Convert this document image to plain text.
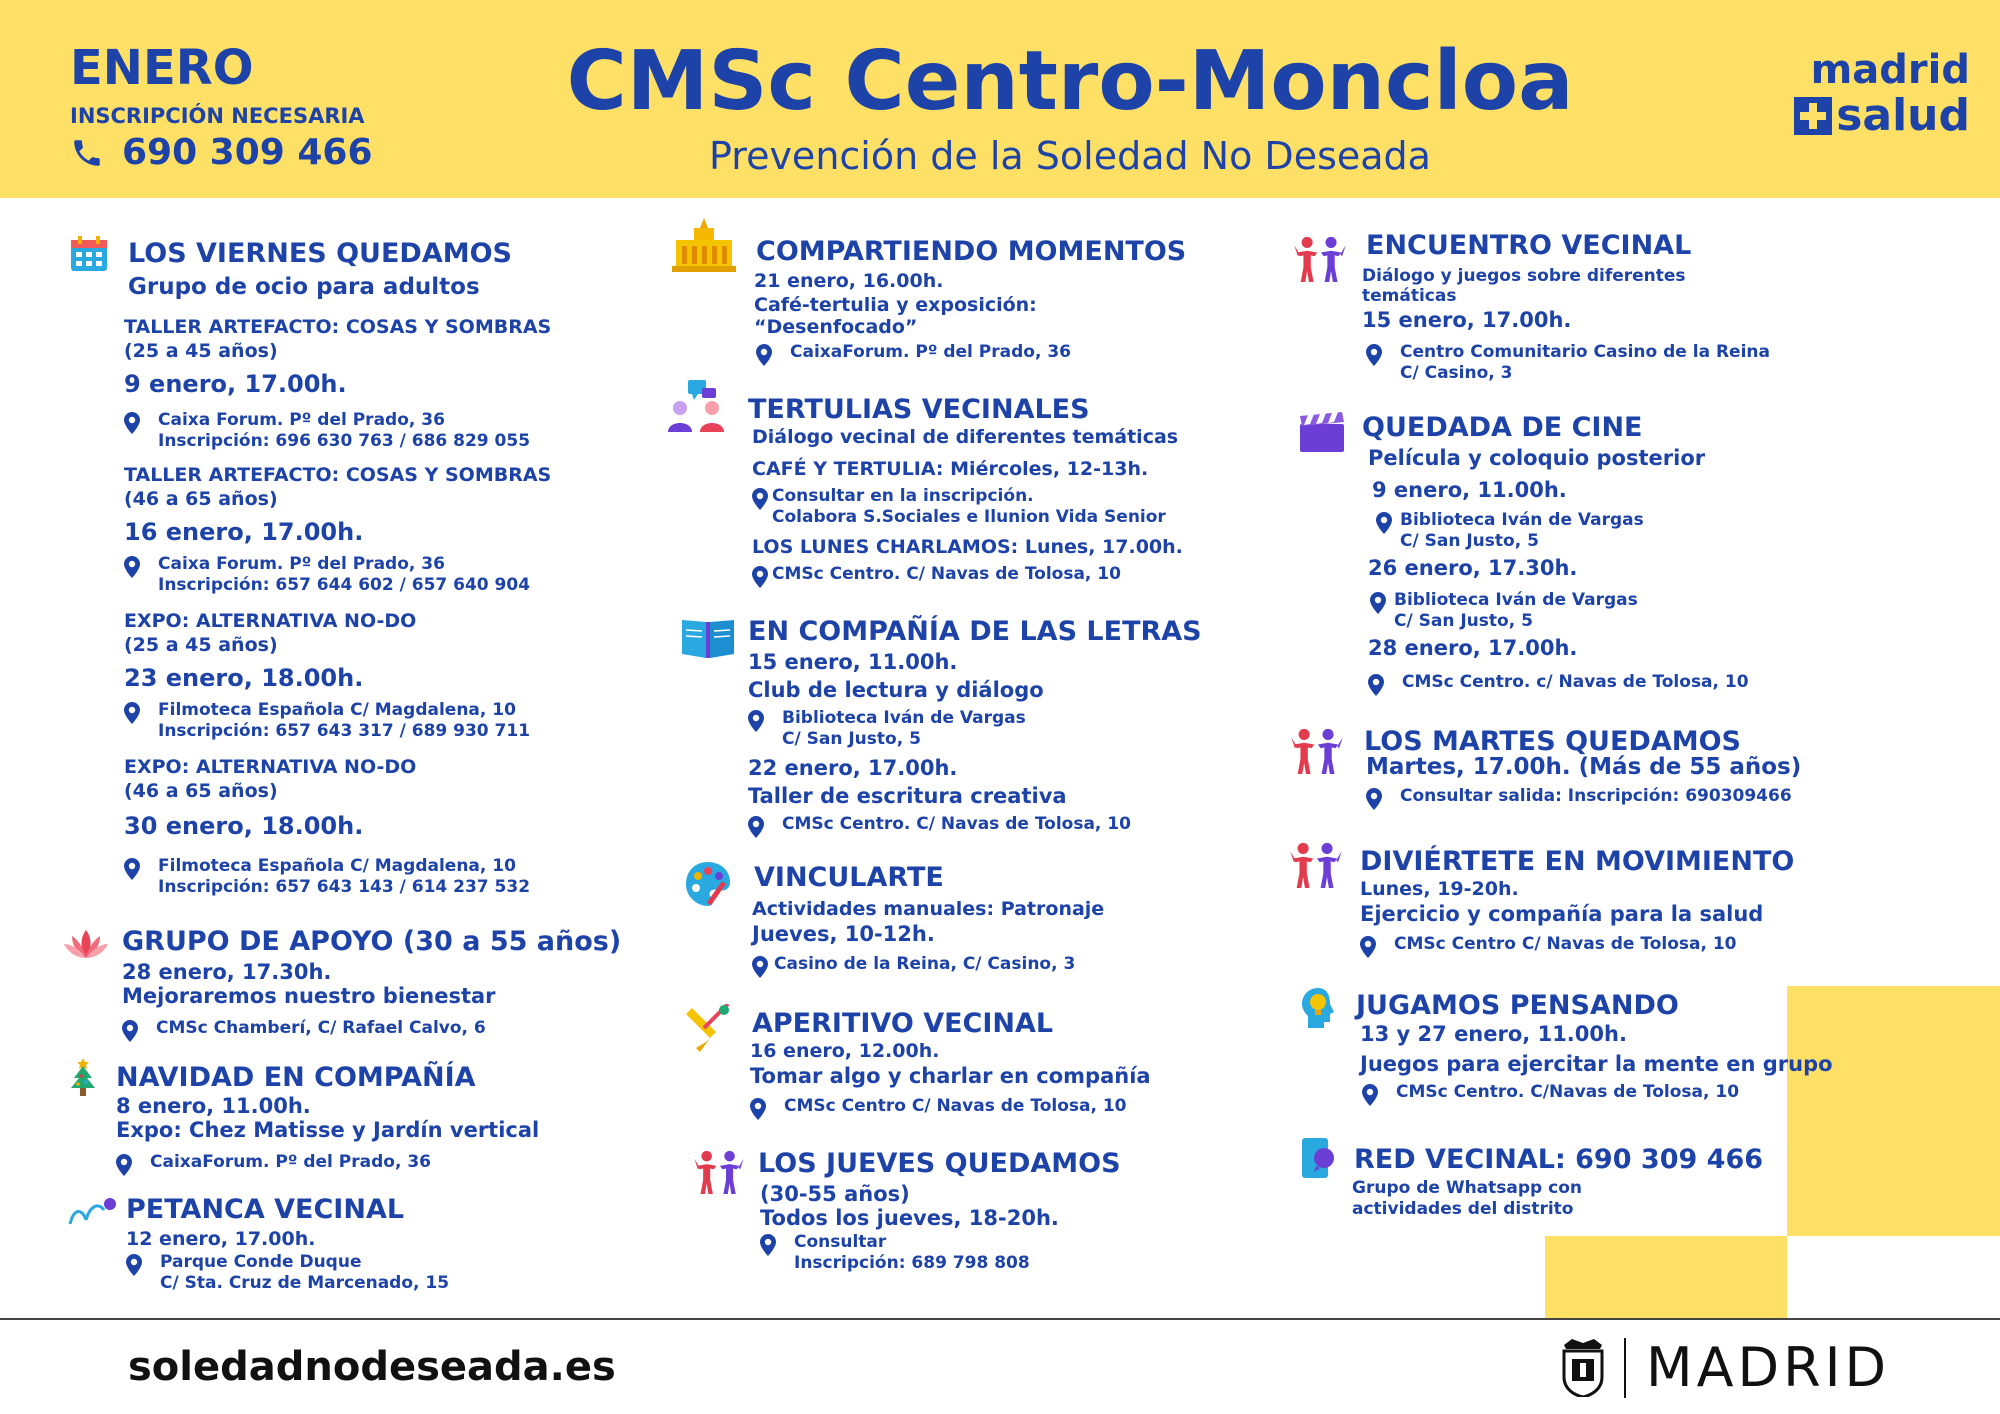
ENERO
INSCRIPCIÓN NECESARIA
690 309 466
CMSc Centro-Moncloa
Prevención de la Soledad No Deseada
madrid
salud
LOS VIERNES QUEDAMOS
Grupo de ocio para adultos
TALLER ARTEFACTO: COSAS Y SOMBRAS
(25 a 45 años)
9 enero, 17.00h.
Caixa Forum. Pº del Prado, 36
Inscripción: 696 630 763 / 686 829 055
TALLER ARTEFACTO: COSAS Y SOMBRAS
(46 a 65 años)
16 enero, 17.00h.
Caixa Forum. Pº del Prado, 36
Inscripción: 657 644 602 / 657 640 904
EXPO: ALTERNATIVA NO-DO
(25 a 45 años)
23 enero, 18.00h.
Filmoteca Española C/ Magdalena, 10
Inscripción: 657 643 317 / 689 930 711
EXPO: ALTERNATIVA NO-DO
(46 a 65 años)
30 enero, 18.00h.
Filmoteca Española C/ Magdalena, 10
Inscripción: 657 643 143 / 614 237 532
GRUPO DE APOYO (30 a 55 años)
28 enero, 17.30h.
Mejoraremos nuestro bienestar
CMSc Chamberí, C/ Rafael Calvo, 6
NAVIDAD EN COMPAÑÍA
8 enero, 11.00h.
Expo: Chez Matisse y Jardín vertical
CaixaForum. Pº del Prado, 36
PETANCA VECINAL
12 enero, 17.00h.
Parque Conde Duque
C/ Sta. Cruz de Marcenado, 15
COMPARTIENDO MOMENTOS
21 enero, 16.00h.
Café-tertulia y exposición:
“Desenfocado”
CaixaForum. Pº del Prado, 36
TERTULIAS VECINALES
Diálogo vecinal de diferentes temáticas
CAFÉ Y TERTULIA: Miércoles, 12-13h.
Consultar en la inscripción.
Colabora S.Sociales e Ilunion Vida Senior
LOS LUNES CHARLAMOS: Lunes, 17.00h.
CMSc Centro. C/ Navas de Tolosa, 10
EN COMPAÑÍA DE LAS LETRAS
15 enero, 11.00h.
Club de lectura y diálogo
Biblioteca Iván de Vargas
C/ San Justo, 5
22 enero, 17.00h.
Taller de escritura creativa
CMSc Centro. C/ Navas de Tolosa, 10
VINCULARTE
Actividades manuales: Patronaje
Jueves, 10-12h.
Casino de la Reina, C/ Casino, 3
APERITIVO VECINAL
16 enero, 12.00h.
Tomar algo y charlar en compañía
CMSc Centro C/ Navas de Tolosa, 10
LOS JUEVES QUEDAMOS
(30-55 años)
Todos los jueves, 18-20h.
Consultar
Inscripción: 689 798 808
ENCUENTRO VECINAL
Diálogo y juegos sobre diferentes
temáticas
15 enero, 17.00h.
Centro Comunitario Casino de la Reina
C/ Casino, 3
QUEDADA DE CINE
Película y coloquio posterior
9 enero, 11.00h.
Biblioteca Iván de Vargas
C/ San Justo, 5
26 enero, 17.30h.
Biblioteca Iván de Vargas
C/ San Justo, 5
28 enero, 17.00h.
CMSc Centro. c/ Navas de Tolosa, 10
LOS MARTES QUEDAMOS
Martes, 17.00h. (Más de 55 años)
Consultar salida: Inscripción: 690309466
DIVIÉRTETE EN MOVIMIENTO
Lunes, 19-20h.
Ejercicio y compañía para la salud
CMSc Centro C/ Navas de Tolosa, 10
JUGAMOS PENSANDO
13 y 27 enero, 11.00h.
Juegos para ejercitar la mente en grupo
CMSc Centro. C/Navas de Tolosa, 10
RED VECINAL: 690 309 466
Grupo de Whatsapp con
actividades del distrito
soledadnodeseada.es	MADRID
